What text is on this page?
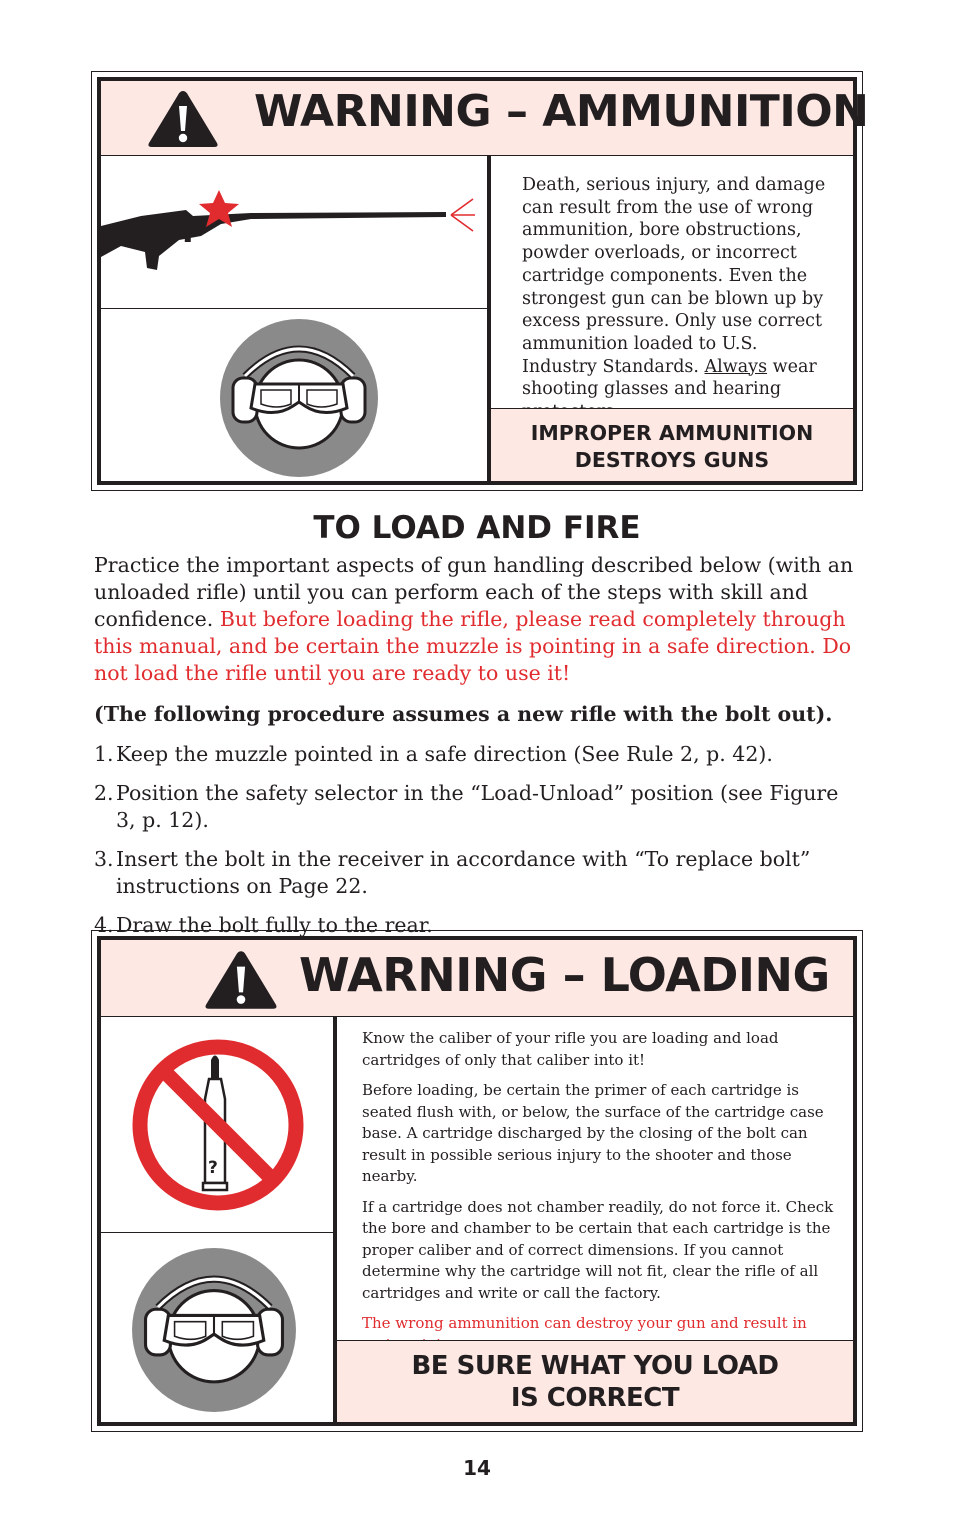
WARNING – AMMUNITION
?
Death, serious injury, and damage can result from the use of wrong ammunition, bore obstructions, powder overloads, or incorrect cartridge components. Even the strongest gun can be blown up by excess pressure. Only use correct ammunition loaded to U.S. Industry Standards. Always wear shooting glasses and hearing
IMPROPER AMMUNITION
DESTROYS GUNS
TO LOAD AND FIRE
Practice the important aspects of gun handling described below (with an unloaded rifle) until you can perform each of the steps with skill and confidence. But before loading the rifle, please read completely through this manual, and be certain the muzzle is pointing in a safe direction. Do not load the rifle until you are ready to use it!
(The following procedure assumes a new rifle with the bolt out).
1. Keep the muzzle pointed in a safe direction (See Rule 2, p. 42).
2. Position the safety selector in the “Load-Unload” position (see Figure 3, p. 12).
3. Insert the bolt in the receiver in accordance with “To replace bolt” instructions on Page 22.
4. Draw the bolt fully to the rear.
WARNING – LOADING
?

Know the caliber of your rifle you are loading and load cartridges of only that caliber into it!

Before loading, be certain the primer of each cartridge is seated flush with, or below, the surface of the cartridge case base. A cartridge discharged by the closing of the bolt can result in possible serious injury to the shooter and those nearby.

If a cartridge does not chamber readily, do not force it. Check the bore and chamber to be certain that each cartridge is the proper caliber and of correct dimensions. If you cannot determine why the cartridge will not fit, clear the rifle of all cartridges and write or call the factory.

The wrong ammunition can destroy your gun and result in

BE SURE WHAT YOU LOAD
IS CORRECT
14
